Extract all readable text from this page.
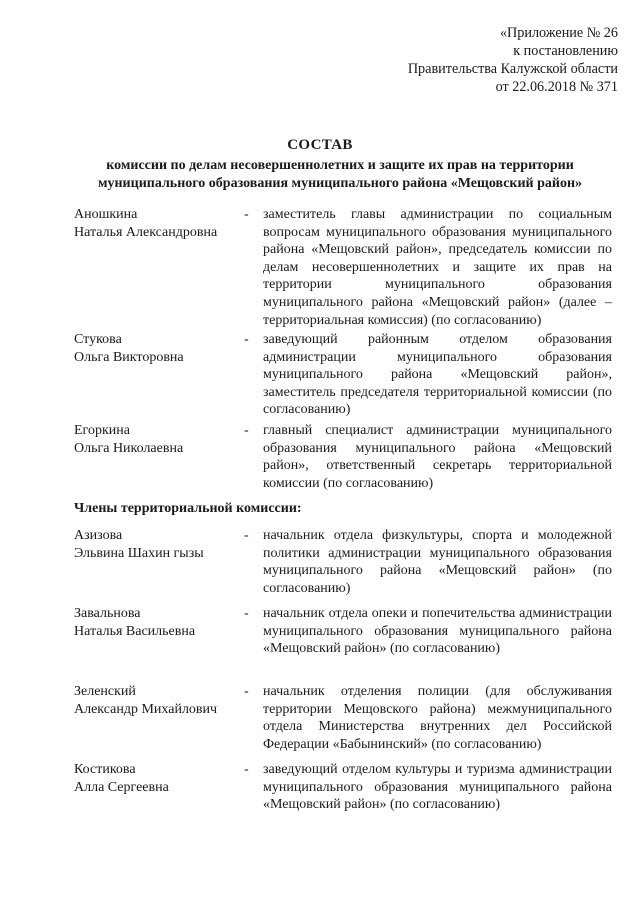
«Приложение № 26
к постановлению
Правительства Калужской области
от 22.06.2018 № 371
СОСТАВ
комиссии по делам несовершеннолетних и защите их прав на территории
муниципального образования муниципального района «Мещовский район»
Аношкина
Наталья Александровна
- заместитель главы администрации по социальным вопросам муниципального образования муниципального района «Мещовский район», председатель комиссии по делам несовершеннолетних и защите их прав на территории муниципального образования муниципального района «Мещовский район» (далее – территориальная комиссия) (по согласованию)
Стукова
Ольга Викторовна
- заведующий районным отделом образования администрации муниципального образования муниципального района «Мещовский район», заместитель председателя территориальной комиссии (по согласованию)
Егоркина
Ольга Николаевна
- главный специалист администрации муниципального образования муниципального района «Мещовский район», ответственный секретарь территориальной комиссии (по согласованию)
Члены территориальной комиссии:
Азизова
Эльвина Шахин гызы
- начальник отдела физкультуры, спорта и молодежной политики администрации муниципального образования муниципального района «Мещовский район» (по согласованию)
Завальнова
Наталья Васильевна
- начальник отдела опеки и попечительства администрации муниципального образования муниципального района «Мещовский район» (по согласованию)
Зеленский
Александр Михайлович
- начальник отделения полиции (для обслуживания территории Мещовского района) межмуниципального отдела Министерства внутренних дел Российской Федерации «Бабынинский» (по согласованию)
Костикова
Алла Сергеевна
- заведующий отделом культуры и туризма администрации муниципального образования муниципального района «Мещовский район» (по согласованию)
